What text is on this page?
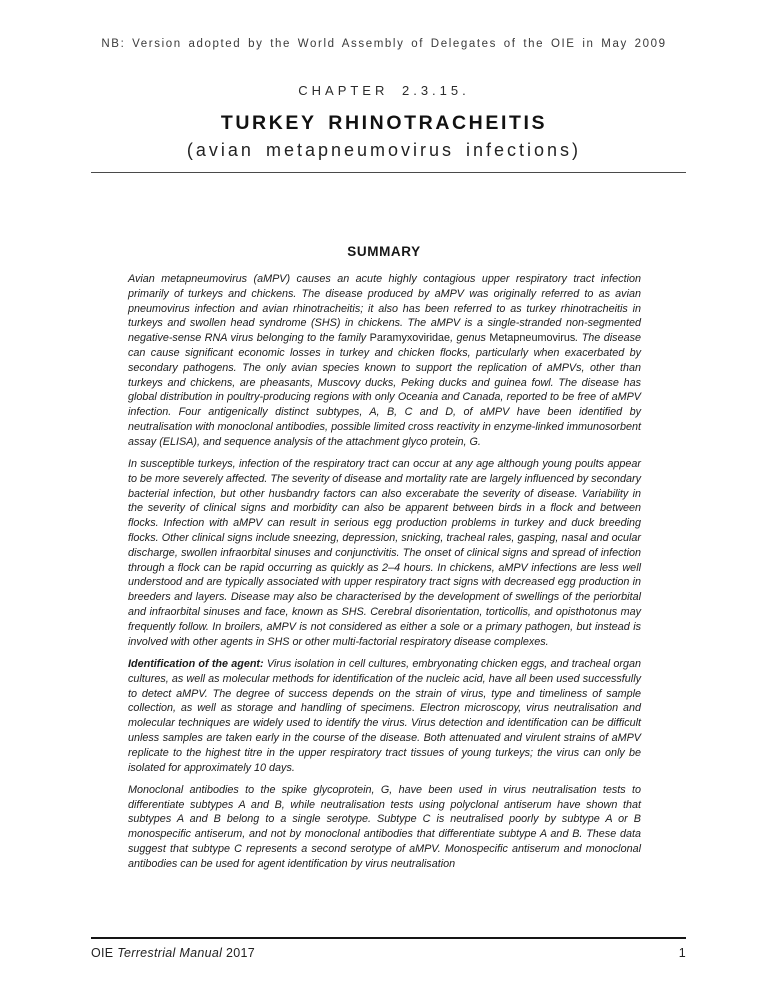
NB: Version adopted by the World Assembly of Delegates of the OIE in May 2009
CHAPTER 2.3.15.
TURKEY RHINOTRACHEITIS
(avian metapneumovirus infections)
SUMMARY

Avian metapneumovirus (aMPV) causes an acute highly contagious upper respiratory tract infection primarily of turkeys and chickens. The disease produced by aMPV was originally referred to as avian pneumovirus infection and avian rhinotracheitis; it also has been referred to as turkey rhinotracheitis in turkeys and swollen head syndrome (SHS) in chickens. The aMPV is a single-stranded non-segmented negative-sense RNA virus belonging to the family Paramyxoviridae, genus Metapneumovirus. The disease can cause significant economic losses in turkey and chicken flocks, particularly when exacerbated by secondary pathogens. The only avian species known to support the replication of aMPVs, other than turkeys and chickens, are pheasants, Muscovy ducks, Peking ducks and guinea fowl. The disease has global distribution in poultry-producing regions with only Oceania and Canada, reported to be free of aMPV infection. Four antigenically distinct subtypes, A, B, C and D, of aMPV have been identified by neutralisation with monoclonal antibodies, possible limited cross reactivity in enzyme-linked immunosorbent assay (ELISA), and sequence analysis of the attachment glyco protein, G.

In susceptible turkeys, infection of the respiratory tract can occur at any age although young poults appear to be more severely affected. The severity of disease and mortality rate are largely influenced by secondary bacterial infection, but other husbandry factors can also excerabate the severity of disease. Variability in the severity of clinical signs and morbidity can also be apparent between birds in a flock and between flocks. Infection with aMPV can result in serious egg production problems in turkey and duck breeding flocks. Other clinical signs include sneezing, depression, snicking, tracheal rales, gasping, nasal and ocular discharge, swollen infraorbital sinuses and conjunctivitis. The onset of clinical signs and spread of infection through a flock can be rapid occurring as quickly as 2–4 hours. In chickens, aMPV infections are less well understood and are typically associated with upper respiratory tract signs with decreased egg production in breeders and layers. Disease may also be characterised by the development of swellings of the periorbital and infraorbital sinuses and face, known as SHS. Cerebral disorientation, torticollis, and opisthotonus may frequently follow. In broilers, aMPV is not considered as either a sole or a primary pathogen, but instead is involved with other agents in SHS or other multi-factorial respiratory disease complexes.

Identification of the agent: Virus isolation in cell cultures, embryonating chicken eggs, and tracheal organ cultures, as well as molecular methods for identification of the nucleic acid, have all been used successfully to detect aMPV. The degree of success depends on the strain of virus, type and timeliness of sample collection, as well as storage and handling of specimens. Electron microscopy, virus neutralisation and molecular techniques are widely used to identify the virus. Virus detection and identification can be difficult unless samples are taken early in the course of the disease. Both attenuated and virulent strains of aMPV replicate to the highest titre in the upper respiratory tract tissues of young turkeys; the virus can only be isolated for approximately 10 days.

Monoclonal antibodies to the spike glycoprotein, G, have been used in virus neutralisation tests to differentiate subtypes A and B, while neutralisation tests using polyclonal antiserum have shown that subtypes A and B belong to a single serotype. Subtype C is neutralised poorly by subtype A or B monospecific antiserum, and not by monoclonal antibodies that differentiate subtype A and B. These data suggest that subtype C represents a second serotype of aMPV. Monospecific antiserum and monoclonal antibodies can be used for agent identification by virus neutralisation

OIE Terrestrial Manual 2017	1
